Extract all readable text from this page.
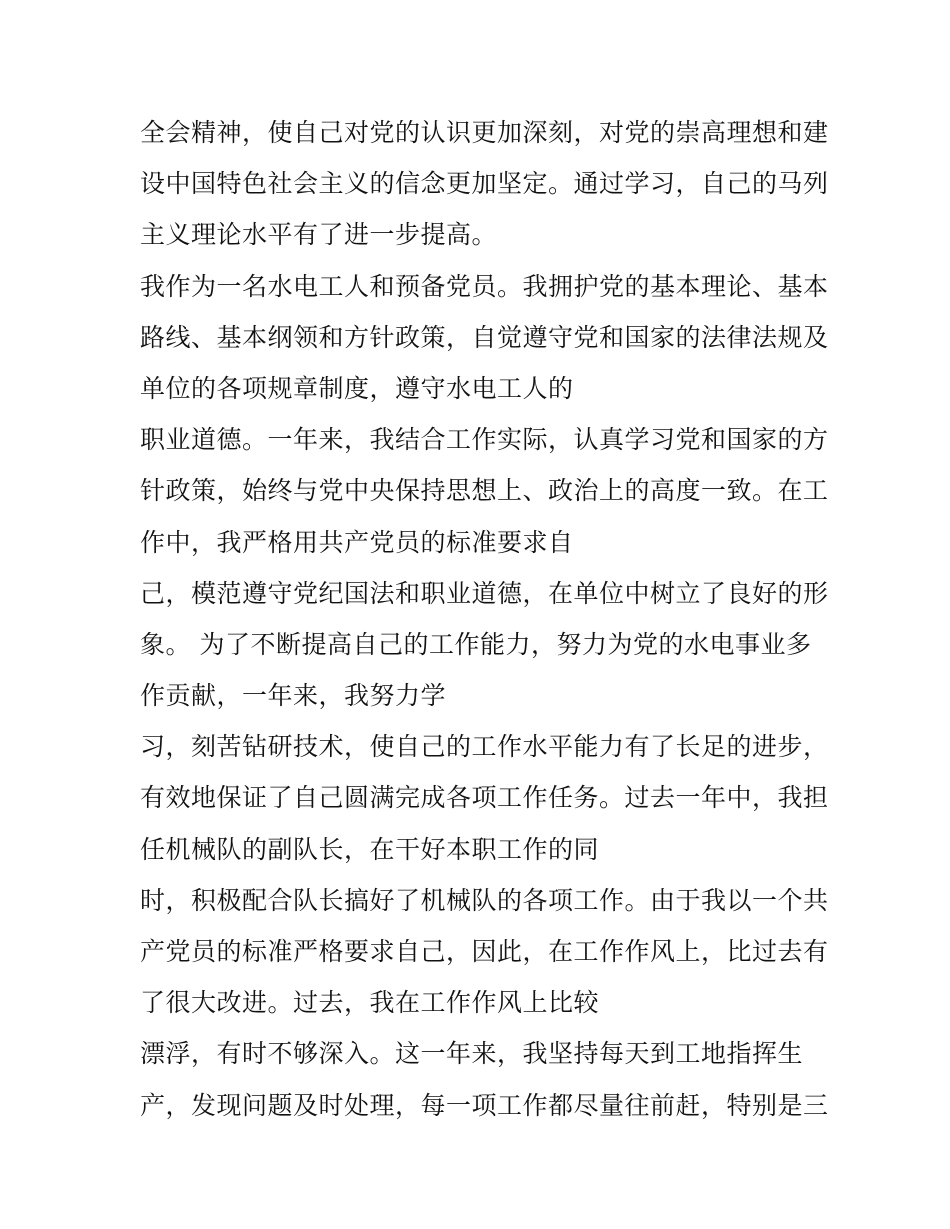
全会精神，使自己对党的认识更加深刻，对党的崇高理想和建
设中国特色社会主义的信念更加坚定。通过学习，自己的马列
主义理论水平有了进一步提高。
我作为一名水电工人和预备党员。我拥护党的基本理论、基本
路线、基本纲领和方针政策，自觉遵守党和国家的法律法规及
单位的各项规章制度，遵守水电工人的
职业道德。一年来，我结合工作实际，认真学习党和国家的方
针政策，始终与党中央保持思想上、政治上的高度一致。在工
作中，我严格用共产党员的标准要求自
己，模范遵守党纪国法和职业道德，在单位中树立了良好的形
象。 为了不断提高自己的工作能力，努力为党的水电事业多
作贡献，一年来，我努力学
习，刻苦钻研技术，使自己的工作水平能力有了长足的进步，
有效地保证了自己圆满完成各项工作任务。过去一年中，我担
任机械队的副队长，在干好本职工作的同
时，积极配合队长搞好了机械队的各项工作。由于我以一个共
产党员的标准严格要求自己，因此，在工作作风上，比过去有
了很大改进。过去，我在工作作风上比较
漂浮，有时不够深入。这一年来，我坚持每天到工地指挥生
产，发现问题及时处理，每一项工作都尽量往前赶，特别是三
